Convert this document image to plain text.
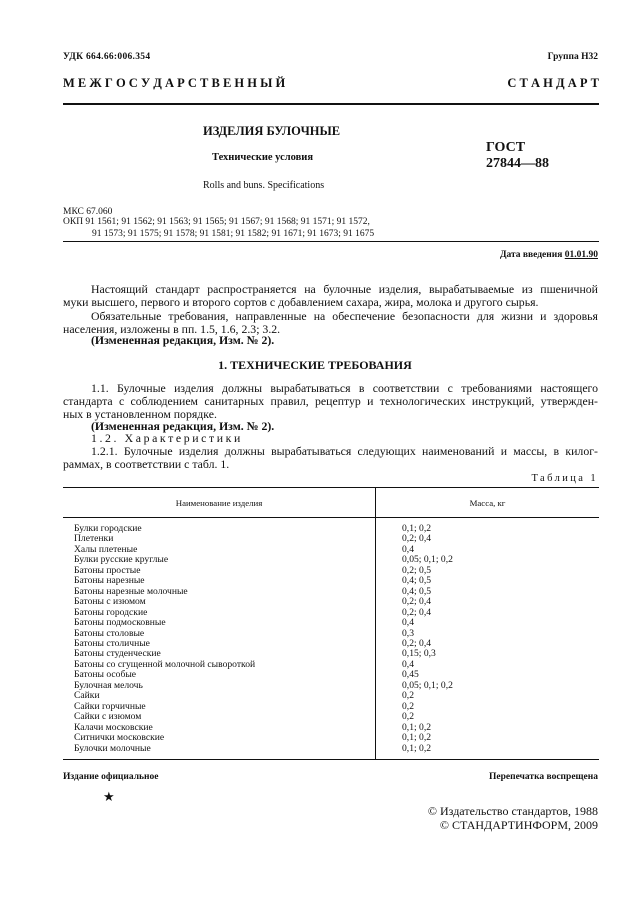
УДК 664.66:006.354	Группа Н32
М Е Ж Г О С У Д А Р С Т В Е Н Н Ы Й	С Т А Н Д А Р Т
ИЗДЕЛИЯ БУЛОЧНЫЕ
Технические условия
Rolls and buns. Specifications
ГОСТ
27844—88
МКС 67.060
ОКП 91 1561; 91 1562; 91 1563; 91 1565; 91 1567; 91 1568; 91 1571; 91 1572,
91 1573; 91 1575; 91 1578; 91 1581; 91 1582; 91 1671; 91 1673; 91 1675
Дата введения 01.01.90
Настоящий стандарт распространяется на булочные изделия, вырабатываемые из пшеничной
муки высшего, первого и второго сортов с добавлением сахара, жира, молока и другого сырья.
Обязательные требования, направленные на обеспечение безопасности для жизни и здоровья
населения, изложены в пп. 1.5, 1.6, 2.3; 3.2.
(Измененная редакция, Изм. № 2).
1. ТЕХНИЧЕСКИЕ ТРЕБОВАНИЯ
1.1. Булочные изделия должны вырабатываться в соответствии с требованиями настоящего
стандарта с соблюдением санитарных правил, рецептур и технологических инструкций, утвержден-
ных в установленном порядке.
(Измененная редакция, Изм. № 2).
1.2. Характеристики
1.2.1. Булочные изделия должны вырабатываться следующих наименований и массы, в килог-
раммах, в соответствии с табл. 1.
Таблица 1
Наименование изделия	Масса, кг
Булки городские	0,1; 0,2
Плетенки	0,2; 0,4
Халы плетеные	0,4
Булки русские круглые	0,05; 0,1; 0,2
Батоны простые	0,2; 0,5
Батоны нарезные	0,4; 0,5
Батоны нарезные молочные	0,4; 0,5
Батоны с изюмом	0,2; 0,4
Батоны городские	0,2; 0,4
Батоны подмосковные	0,4
Батоны столовые	0,3
Батоны столичные	0,2; 0,4
Батоны студенческие	0,15; 0,3
Батоны со сгущенной молочной сывороткой	0,4
Батоны особые	0,45
Булочная мелочь	0,05; 0,1; 0,2
Сайки	0,2
Сайки горчичные	0,2
Сайки с изюмом	0,2
Калачи московские	0,1; 0,2
Ситнички московские	0,1; 0,2
Булочки молочные	0,1; 0,2
Издание официальное	Перепечатка воспрещена
★
© Издательство стандартов, 1988
© СТАНДАРТИНФОРМ, 2009
